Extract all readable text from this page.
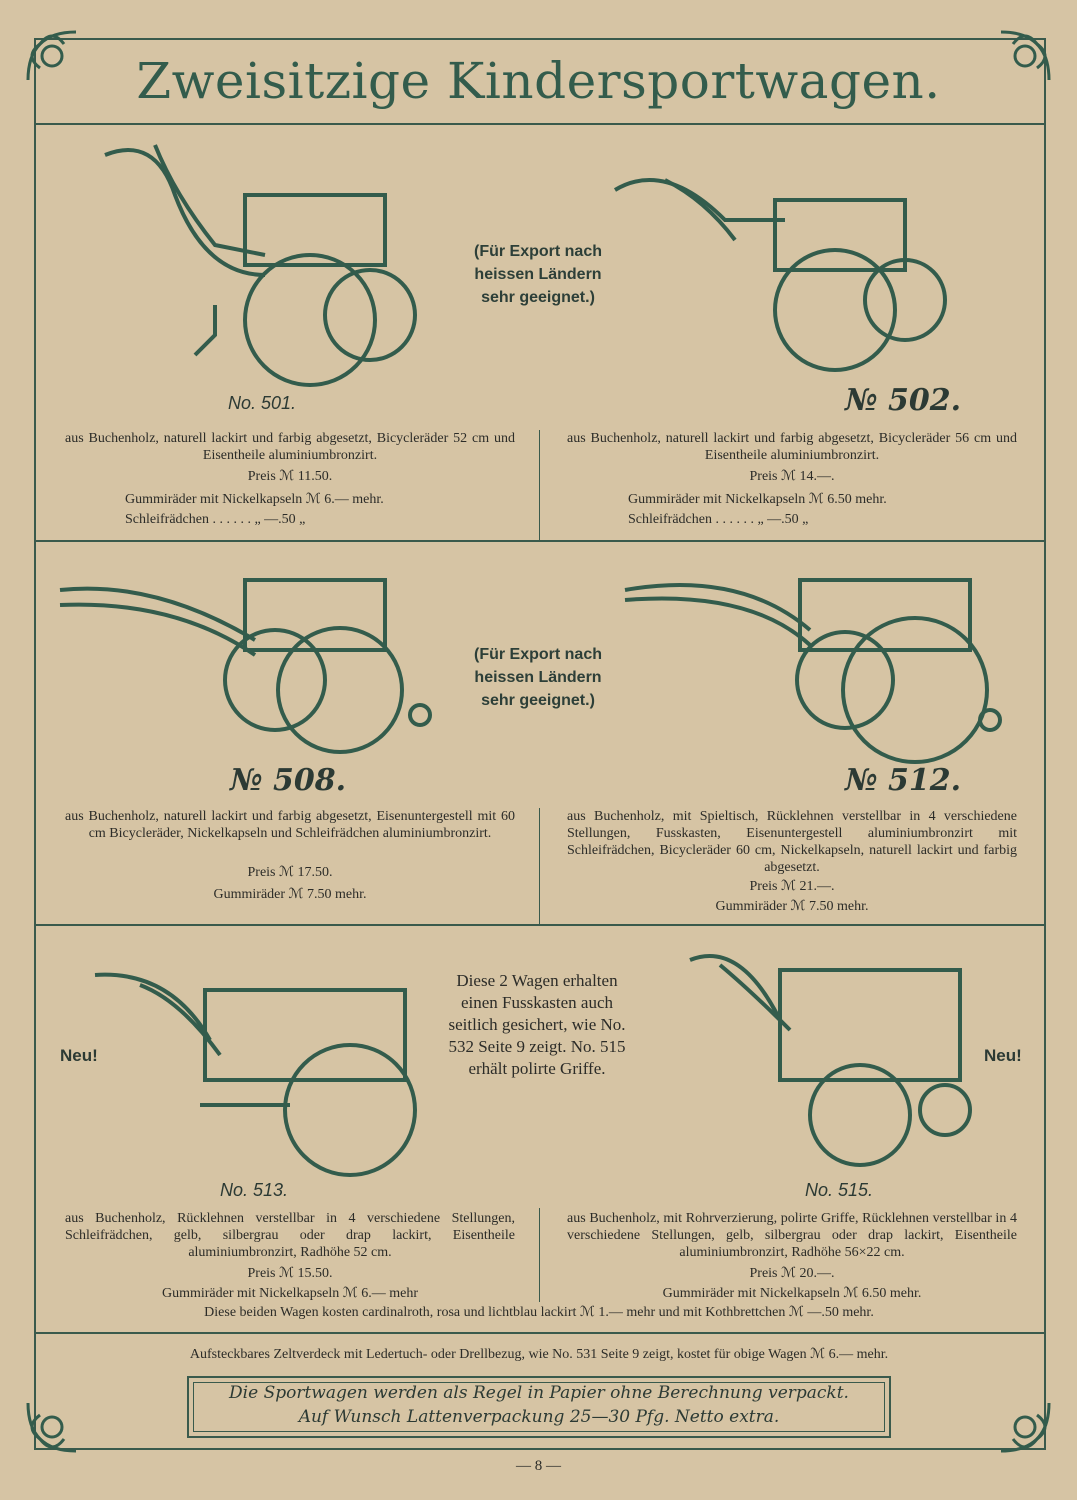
Zweisitzige Kindersportwagen.
(Für Export nach
heissen Ländern
sehr geeignet.)
(Für Export nach
heissen Ländern
sehr geeignet.)
No. 501.
aus Buchenholz, naturell lackirt und farbig abgesetzt, Bicycleräder 52 cm und Eisentheile aluminiumbronzirt.
Preis ℳ 11.50.
Gummiräder mit Nickelkapseln ℳ 6.— mehr.
Schleifrädchen . . . . . . „ —.50 „
№ 502.
aus Buchenholz, naturell lackirt und farbig abgesetzt, Bicycleräder 56 cm und Eisentheile aluminiumbronzirt.
Preis ℳ 14.—.
Gummiräder mit Nickelkapseln ℳ 6.50 mehr.
Schleifrädchen . . . . . . „ —.50 „
№ 508.
aus Buchenholz, naturell lackirt und farbig abgesetzt, Eisenuntergestell mit 60 cm Bicycleräder, Nickelkapseln und Schleifrädchen aluminiumbronzirt.
Preis ℳ 17.50.
Gummiräder ℳ 7.50 mehr.
№ 512.
aus Buchenholz, mit Spieltisch, Rücklehnen verstellbar in 4 verschiedene Stellungen, Fusskasten, Eisenuntergestell aluminiumbronzirt mit Schleifrädchen, Bicycleräder 60 cm, Nickelkapseln, naturell lackirt und farbig abgesetzt.
Preis ℳ 21.—.
Gummiräder ℳ 7.50 mehr.
Diese 2 Wagen erhalten einen Fusskasten auch seitlich gesichert, wie No. 532 Seite 9 zeigt. No. 515 erhält polirte Griffe.
Neu!	Neu!
No. 513.
aus Buchenholz, Rücklehnen verstellbar in 4 verschiedene Stellungen, Schleifrädchen, gelb, silbergrau oder drap lackirt, Eisentheile aluminiumbronzirt, Radhöhe 52 cm.
Preis ℳ 15.50.
Gummiräder mit Nickelkapseln ℳ 6.— mehr
No. 515.
aus Buchenholz, mit Rohrverzierung, polirte Griffe, Rücklehnen verstellbar in 4 verschiedene Stellungen, gelb, silbergrau oder drap lackirt, Eisentheile aluminiumbronzirt, Radhöhe 56×22 cm.
Preis ℳ 20.—.
Gummiräder mit Nickelkapseln ℳ 6.50 mehr.
Diese beiden Wagen kosten cardinalroth, rosa und lichtblau lackirt ℳ 1.— mehr und mit Kothbrettchen ℳ —.50 mehr.
Aufsteckbares Zeltverdeck mit Ledertuch- oder Drellbezug, wie No. 531 Seite 9 zeigt, kostet für obige Wagen ℳ 6.— mehr.
Die Sportwagen werden als Regel in Papier ohne Berechnung verpackt.
Auf Wunsch Lattenverpackung 25—30 Pfg. Netto extra.
— 8 —
